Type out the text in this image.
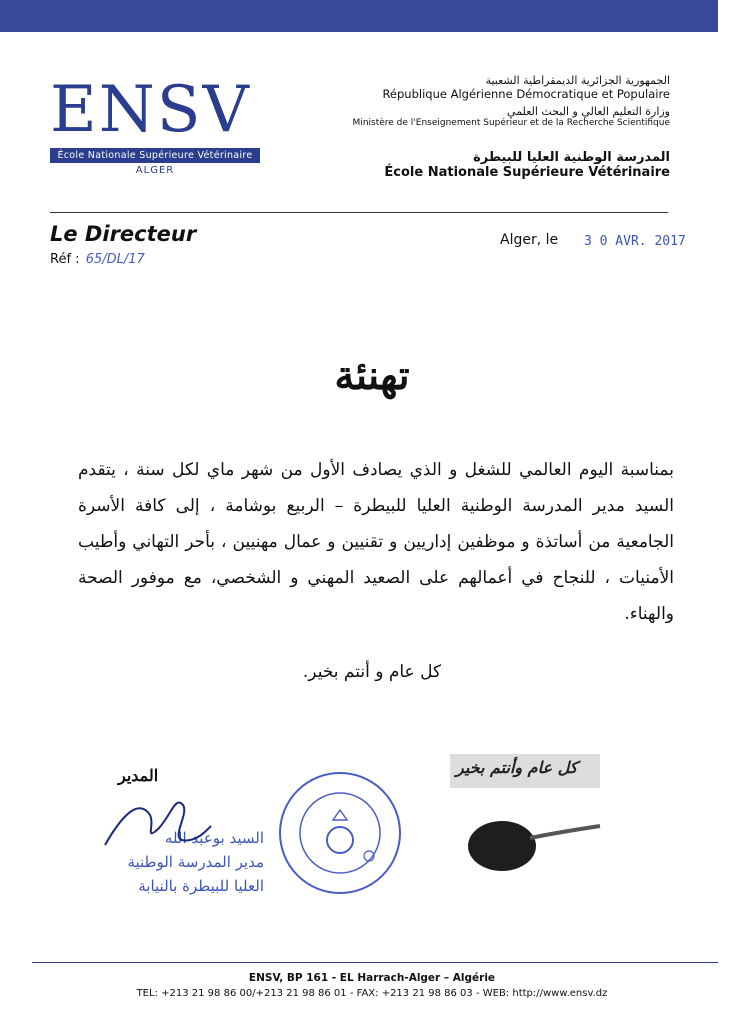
ENSV
École Nationale Supérieure Vétérinaire
ALGER
الجمهورية الجزائرية الديمقراطية الشعبية
République Algérienne Démocratique et Populaire
وزارة التعليم العالي و البحث العلمي
Ministère de l'Enseignement Supérieur et de la Recherche Scientifique
المدرسة الوطنية العليا للبيطرة
École Nationale Supérieure Vétérinaire
Le Directeur
Réf : 65/DL/17
Alger, le 3 0 AVR. 2017
تهنئة
بمناسبة اليوم العالمي للشغل و الذي يصادف الأول من شهر ماي لكل سنة ، يتقدم السيد مدير المدرسة الوطنية العليا للبيطرة – الربيع بوشامة ، إلى كافة الأسرة الجامعية من أساتذة و موظفين إداريين و تقنيين و عمال مهنيين ، بأحر التهاني وأطيب الأمنيات ، للنجاح في أعمالهم على الصعيد المهني و الشخصي، مع موفور الصحة والهناء.
كل عام و أنتم بخير.
كل عام وأنتم بخير
المدير
السيد بوعبد الله
مدير المدرسة الوطنية
العليا للبيطرة بالنيابة
ENSV, BP 161 - EL Harrach-Alger – Algérie
TEL: +213 21 98 86 00/+213 21 98 86 01 - FAX: +213 21 98 86 03 - WEB: http://www.ensv.dz
